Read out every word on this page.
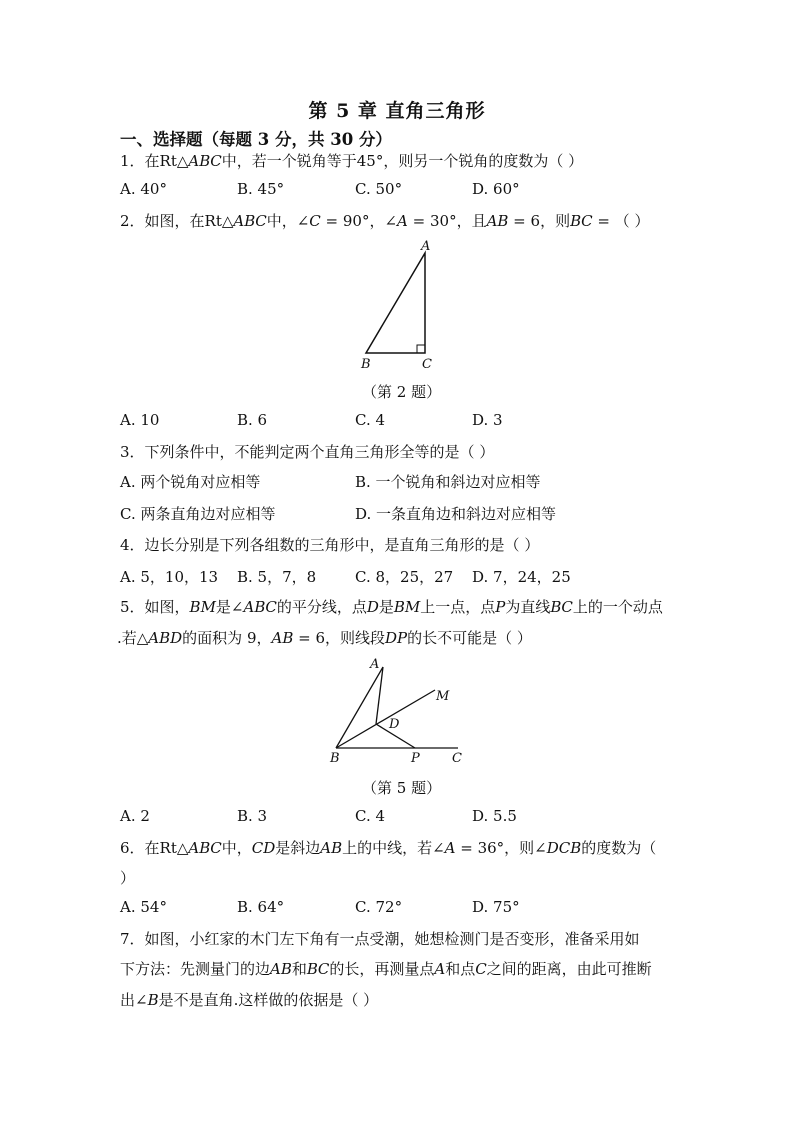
第 5 章 直角三角形
一、选择题（每题 3 分，共 30 分）
1．在Rt△𝐴𝐵𝐶中，若一个锐角等于45°，则另一个锐角的度数为（ ）
A. 40°	B. 45°	C. 50°	D. 60°
2．如图，在Rt△𝐴𝐵𝐶中，∠𝐶 = 90°，∠𝐴 = 30°，且𝐴𝐵 = 6，则𝐵𝐶 = （ ）
A
B	C
（第 2 题）
A. 10	B. 6	C. 4	D. 3
3．下列条件中，不能判定两个直角三角形全等的是（ ）
A. 两个锐角对应相等	B. 一个锐角和斜边对应相等
C. 两条直角边对应相等	D. 一条直角边和斜边对应相等
4．边长分别是下列各组数的三角形中，是直角三角形的是（ ）
A. 5，10，13 B. 5，7，8	C. 8，25，27 D. 7，24，25
5．如图，𝐵𝑀是∠𝐴𝐵𝐶的平分线，点𝐷是𝐵𝑀上一点，点𝑃为直线𝐵𝐶上的一个动点
.若△𝐴𝐵𝐷的面积为 9，𝐴𝐵 = 6，则线段𝐷𝑃的长不可能是（ ）
A
M
D
B	P C
（第 5 题）
A. 2	B. 3	C. 4	D. 5.5
6．在Rt△𝐴𝐵𝐶中，𝐶𝐷是斜边𝐴𝐵上的中线，若∠𝐴 = 36°，则∠𝐷𝐶𝐵的度数为（
）
A. 54°	B. 64°	C. 72°	D. 75°
7．如图，小红家的木门左下角有一点受潮，她想检测门是否变形，准备采用如
下方法：先测量门的边𝐴𝐵和𝐵𝐶的长，再测量点𝐴和点𝐶之间的距离，由此可推断
出∠𝐵是不是直角.这样做的依据是（ ）
